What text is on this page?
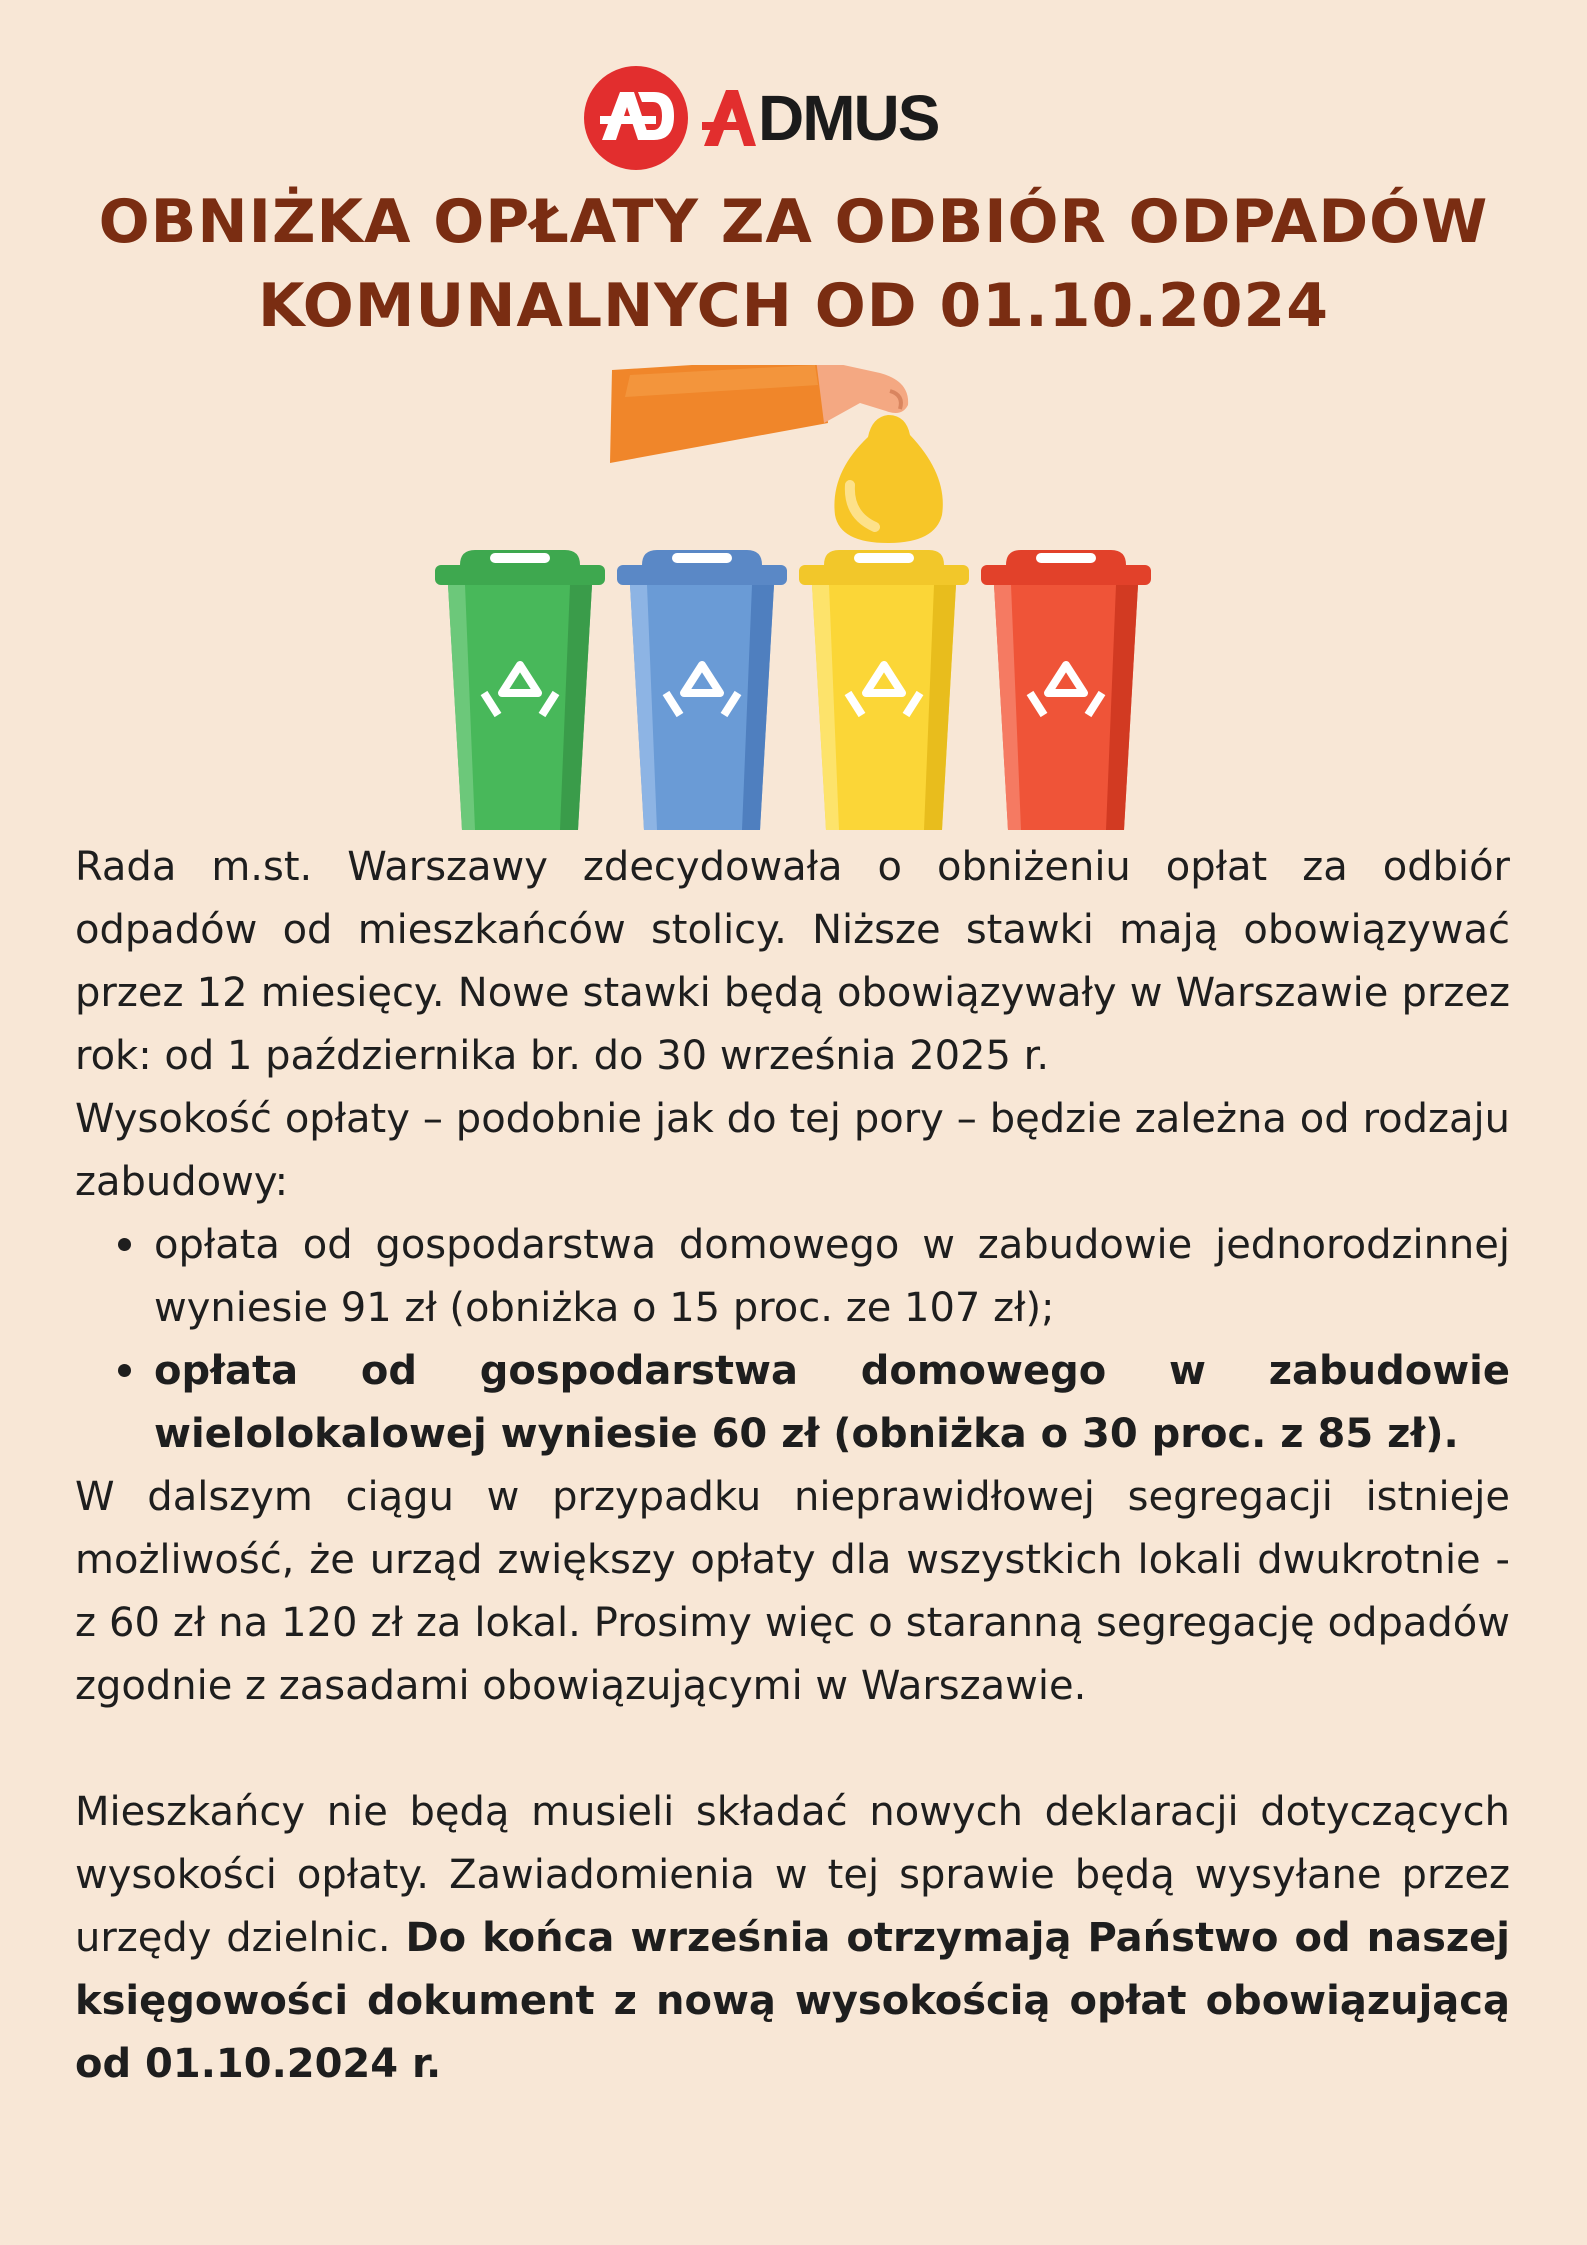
DMUS
OBNIŻKA OPŁATY ZA ODBIÓR ODPADÓW
KOMUNALNYCH OD 01.10.2024

Rada m.st. Warszawy zdecydowała o obniżeniu opłat za odbiór odpadów od mieszkańców stolicy. Niższe stawki mają obowiązywać przez 12 miesięcy. Nowe stawki będą obowiązywały w Warszawie przez rok: od 1 października br. do 30 września 2025 r.

Wysokość opłaty – podobnie jak do tej pory – będzie zależna od rodzaju zabudowy:

opłata od gospodarstwa domowego w zabudowie jednorodzinnej wyniesie 91 zł (obniżka o 15 proc. ze 107 zł);
opłata od gospodarstwa domowego w zabudowie wielolokalowej wyniesie 60 zł (obniżka o 30 proc. z 85 zł).

W dalszym ciągu w przypadku nieprawidłowej segregacji istnieje możliwość, że urząd zwiększy opłaty dla wszystkich lokali dwukrotnie - z 60 zł na 120 zł za lokal. Prosimy więc o staranną segregację odpadów zgodnie z zasadami obowiązującymi w Warszawie.

Mieszkańcy nie będą musieli składać nowych deklaracji dotyczących wysokości opłaty. Zawiadomienia w tej sprawie będą wysyłane przez urzędy dzielnic. Do końca września otrzymają Państwo od naszej księgowości dokument z nową wysokością opłat obowiązującą od 01.10.2024 r.
